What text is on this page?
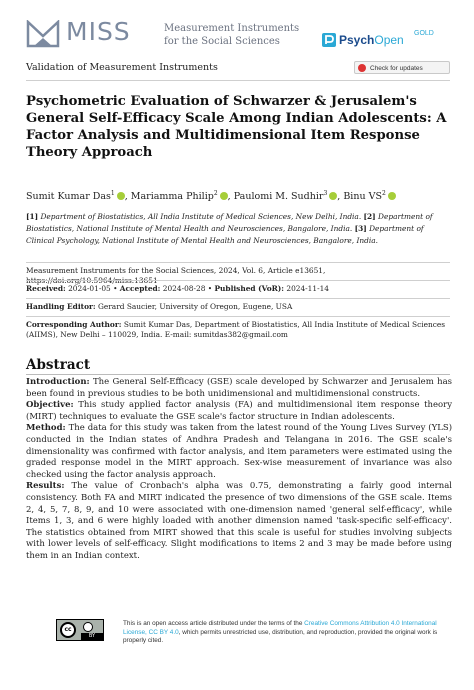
MISS	Measurement Instruments
for the Social Sciences	PsychOpen GOLD
Validation of Measurement Instruments	Check for updates
Psychometric Evaluation of Schwarzer & Jerusalem's General Self-Efficacy Scale Among Indian Adolescents: A Factor Analysis and Multidimensional Item Response Theory Approach
Sumit Kumar Das$^1$ , Mariamma Philip$^2$ , Paulomi M. Sudhir$^3$ , Binu $VS^2$
[1] Department of Biostatistics, All India Institute of Medical Sciences, New Delhi, India. [2] Department of Biostatistics, National Institute of Mental Health and Neurosciences, Bangalore, India. [3] Department of Clinical Psychology, National Institute of Mental Health and Neurosciences, Bangalore, India.
Measurement Instruments for the Social Sciences, 2024, Vol. 6, Article e13651,
Received: 2024-01-05 • Accepted: 2024-08-28 • Published (VoR): 2024-11-14
Handling Editor: Gerard Saucier, University of Oregon, Eugene, USA
Corresponding Author: Sumit Kumar Das, Department of Biostatistics, All India Institute of Medical Sciences
(AIIMS), New Delhi – 110029, India. E-mail: sumitdas382@gmail.com
Abstract

Introduction: The General Self-Efficacy (GSE) scale developed by Schwarzer and Jerusalem has been found in previous studies to be both unidimensional and multidimensional constructs.

Objective: This study applied factor analysis (FA) and multidimensional item response theory (MIRT) techniques to evaluate the GSE scale's factor structure in Indian adolescents.

Method: The data for this study was taken from the latest round of the Young Lives Survey (YLS) conducted in the Indian states of Andhra Pradesh and Telangana in 2016. The GSE scale's dimensionality was confirmed with factor analysis, and item parameters were estimated using the graded response model in the MIRT approach. Sex-wise measurement of invariance was also checked using the factor analysis approach.

Results: The value of Cronbach's alpha was 0.75, demonstrating a fairly good internal consistency. Both FA and MIRT indicated the presence of two dimensions of the GSE scale. Items 2, 4, 5, 7, 8, 9, and 10 were associated with one-dimension named 'general self-efficacy', while Items 1, 3, and 6 were highly loaded with another dimension named 'task-specific self-efficacy'. The statistics obtained from MIRT showed that this scale is useful for studies involving subjects with lower levels of self-efficacy. Slight modifications to items 2 and 3 may be made before using them in an Indian context.

cc
BY
This is an open access article distributed under the terms of the Creative Commons Attribution 4.0 International License, CC BY 4.0, which permits unrestricted use, distribution, and reproduction, provided the original work is properly cited.
